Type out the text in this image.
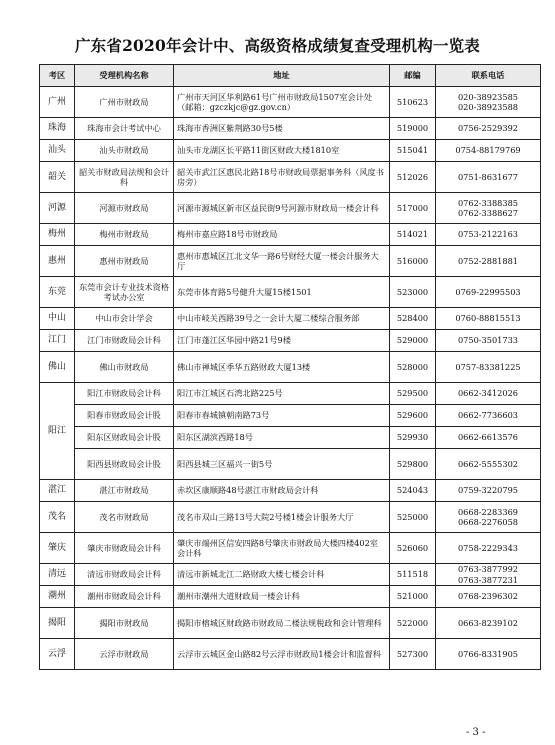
广东省2020年会计中、高级资格成绩复查受理机构一览表
考区	受理机构名称	地址	邮编	联系电话
广州	广州市财政局	广州市天河区华利路61号广州市财政局1507室会计处（邮箱：gzczkjc@gz.gov.cn）	510623	020-38923585
020-38923588

珠海	珠海市会计考试中心	珠海市香洲区紫荆路30号5楼	519000	0756-2529392

汕头	汕头市财政局	汕头市龙湖区长平路11街区财政大楼1810室	515041	0754-88179769

韶关	韶关市财政局法规和会计科	韶关市武江区惠民北路18号市财政局票据事务科（风度书房旁）	512026	0751-8631677

河源	河源市财政局	河源市源城区新市区益民街9号河源市财政局一楼会计科	517000	0762-3388385
0762-3388627

梅州	梅州市财政局	梅州市嘉应路18号市财政局	514021	0753-2122163

惠州	惠州市财政局	惠州市惠城区江北文华一路6号财经大厦一楼会计服务大厅	516000	0752-2881881

东莞	东莞市会计专业技术资格考试办公室	东莞市体育路5号健升大厦15楼1501	523000	0769-22995503

中山	中山市会计学会	中山市岐关西路39号之一会计大厦二楼综合服务部	528400	0760-88815513

江门	江门市财政局会计科	江门市蓬江区华园中路21号9楼	529000	0750-3501733

佛山	佛山市财政局	佛山市禅城区季华五路财政大厦13楼	528000	0757-83381225

阳江	阳江市财政局会计科	阳江市江城区石湾北路225号	529500	0662-3412026

	阳春市财政局会计股	阳春市春城镇朝南路73号	529600	0662-7736603

	阳东区财政局会计股	阳东区湖滨西路18号	529930	0662-6613576

	阳西县财政局会计股	阳西县城三区福兴一街5号	529800	0662-5555302

湛江	湛江市财政局	赤坎区康顺路48号湛江市财政局会计科	524043	0759-3220795

茂名	茂名市财政局	茂名市双山三路13号大院2号楼1楼会计服务大厅	525000	0668-2283369
0668-2276058

肇庆	肇庆市财政局会计科	肇庆市端州区信安四路8号肇庆市财政局大楼四楼402室会计科	526060	0758-2229343

清远	清远市财政局会计科	清远市新城北江二路财政大楼七楼会计科	511518	0763-3877992
0763-3877231

潮州	潮州市财政局会计科	潮州市潮州大道财政局一楼会计科	521000	0768-2396302

揭阳	揭阳市财政局	揭阳市榕城区财政路市财政局二楼法规税政和会计管理科	522000	0663-8239102

云浮	云浮市财政局	云浮市云城区金山路82号云浮市财政局1楼会计和监督科	527300	0766-8331905
- 3 -
